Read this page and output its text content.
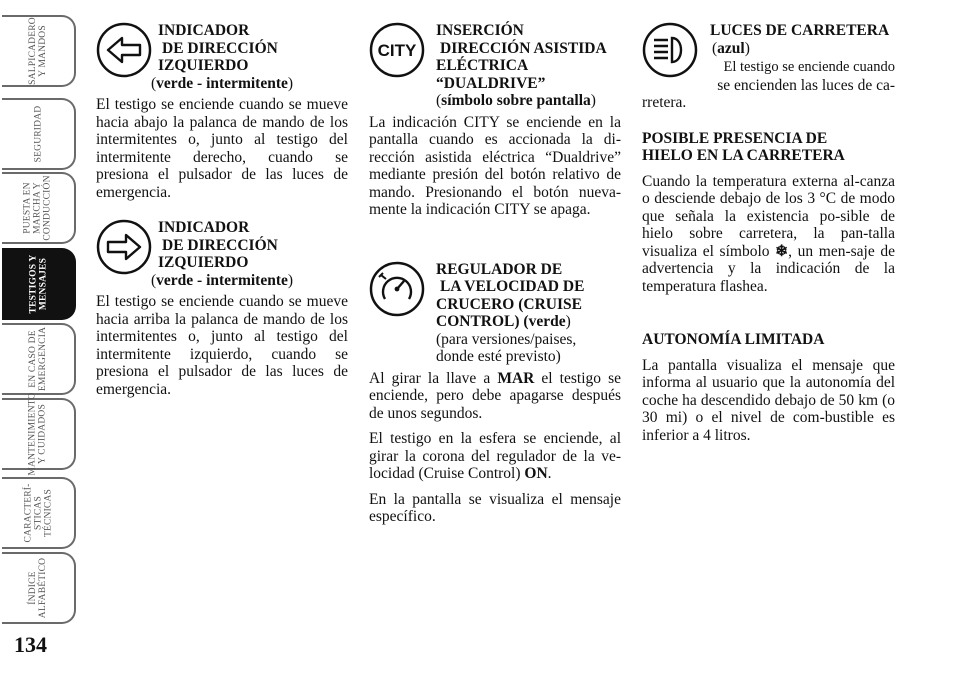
SALPICADERO
Y MANDOS
SEGURIDAD
PUESTA EN
MARCHA Y
CONDUCCIÓN
TESTIGOS Y
MENSAJES
EN CASO DE
EMERGENCIA
MANTENIMIENTO
Y CUIDADOS
CARACTERÍ-
STICAS
TÉCNICAS
ÍNDICE
ALFABÉTICO
134
INDICADOR
DE DIRECCIÓN
IZQUIERDO
(verde - intermitente)

El testigo se enciende cuando se mueve hacia abajo la palanca de mando de los intermitentes o, junto al testigo del intermitente derecho, cuando se presiona el pulsador de las luces de emergencia.

INDICADOR
DE DIRECCIÓN
IZQUIERDO
(verde - intermitente)

El testigo se enciende cuando se mueve hacia arriba la palanca de mando de los intermitentes o, junto al testigo del intermitente izquierdo, cuando se presiona el pulsador de las luces de emergencia.

CITY
INSERCIÓN
DIRECCIÓN ASISTIDA
ELÉCTRICA
“DUALDRIVE”
(símbolo sobre pantalla)

La indicación CITY se enciende en la pantalla cuando es accionada la di-rección asistida eléctrica “Dualdrive” mediante presión del botón relativo de mando. Presionando el botón nueva-mente la indicación CITY se apaga.

REGULADOR DE
LA VELOCIDAD DE
CRUCERO (CRUISE
CONTROL) (verde)
(para versiones/paises,
donde esté previsto)

Al girar la llave a MAR el testigo se enciende, pero debe apagarse después de unos segundos.

El testigo en la esfera se enciende, al girar la corona del regulador de la ve-locidad (Cruise Control) ON.

En la pantalla se visualiza el mensaje específico.

LUCES DE CARRETERA
(azul)
El testigo se enciende cuando
se encienden las luces de ca-
rretera.
POSIBLE PRESENCIA DE
HIELO EN LA CARRETERA

Cuando la temperatura externa al-canza o desciende debajo de los 3 °C de modo que señala la existencia po-sible de hielo sobre carretera, la pan-talla visualiza el símbolo ❄, un men-saje de advertencia y la indicación de la temperatura flashea.

AUTONOMÍA LIMITADA

La pantalla visualiza el mensaje que informa al usuario que la autonomía del coche ha descendido debajo de 50 km (o 30 mi) o el nivel de com-bustible es inferior a 4 litros.
